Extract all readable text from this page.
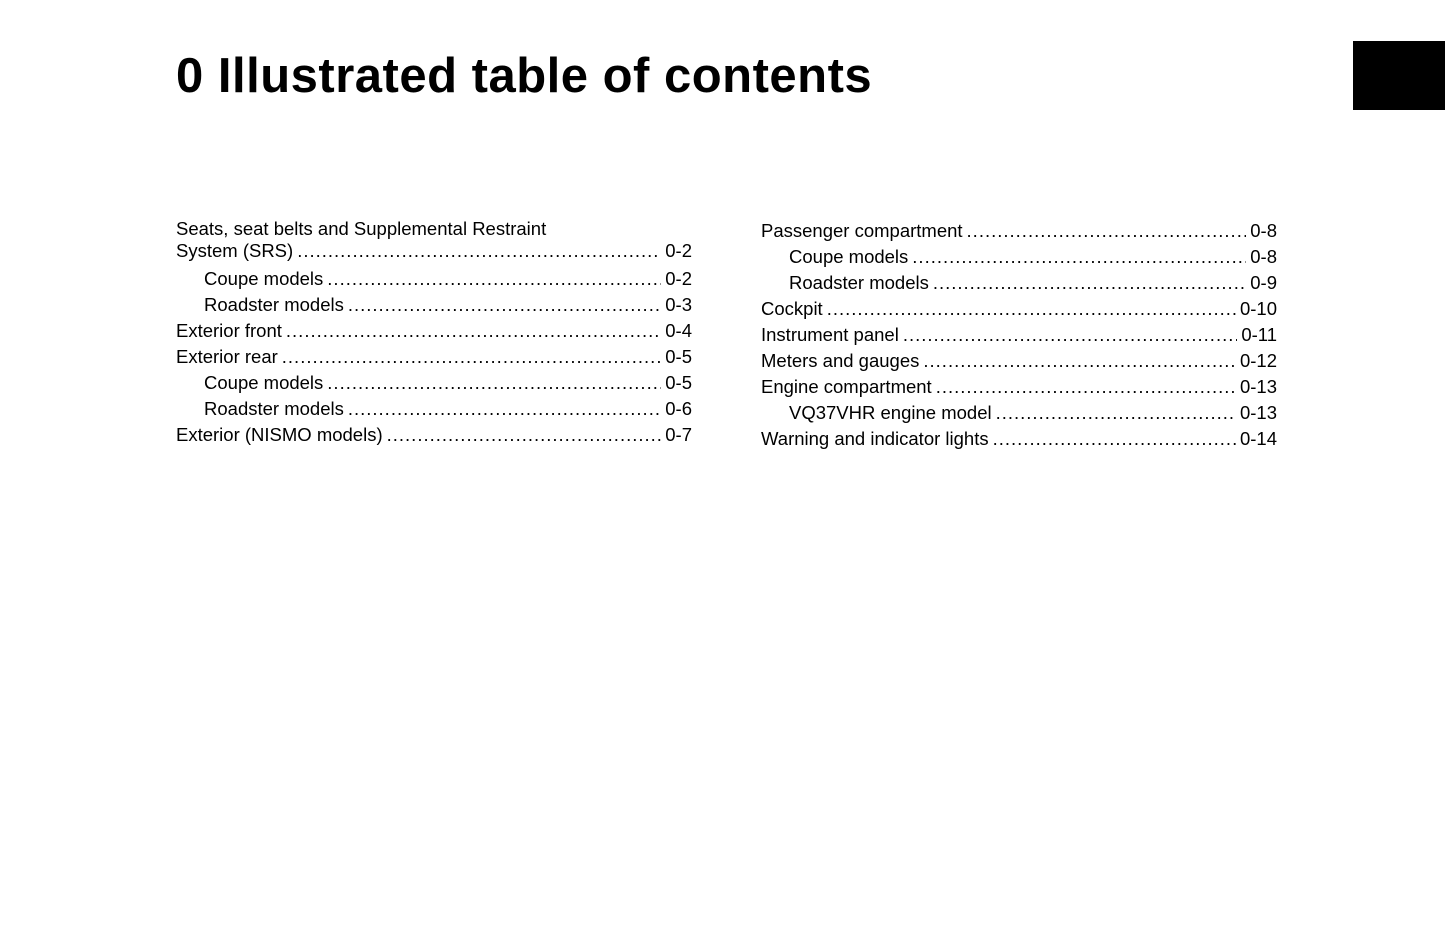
0 Illustrated table of contents
Seats, seat belts and Supplemental Restraint
System (SRS) .....	0-2
Coupe models .....	0-2
Roadster models .....	0-3
Exterior front .....	0-4
Exterior rear .....	0-5
Coupe models .....	0-5
Roadster models .....	0-6
Exterior (NISMO models) .....	0-7
Passenger compartment .....	0-8
Coupe models .....	0-8
Roadster models .....	0-9
Cockpit .....	0-10
Instrument panel .....	0-11
Meters and gauges .....	0-12
Engine compartment .....	0-13
VQ37VHR engine model .....	0-13
Warning and indicator lights .....	0-14
